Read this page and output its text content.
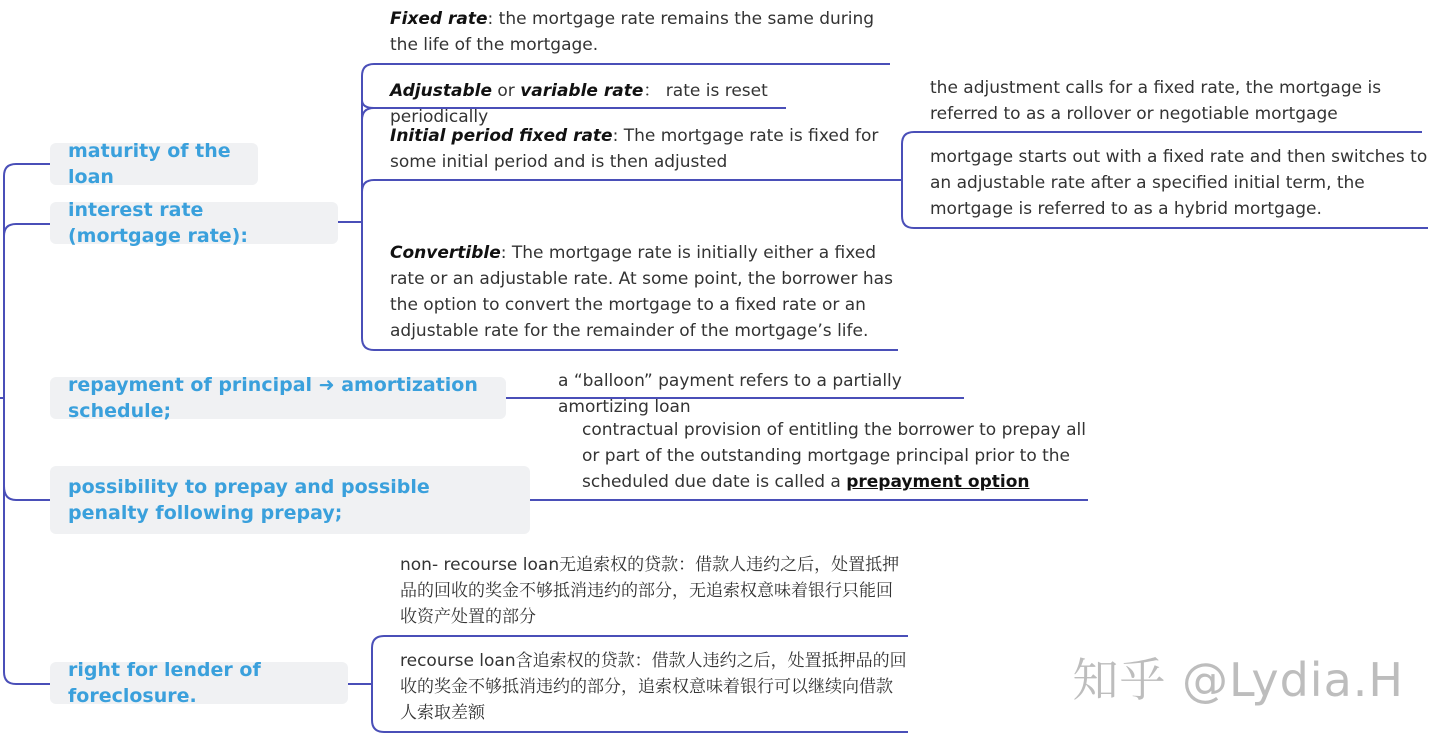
maturity of the loan
interest rate (mortgage rate):
repayment of principal ➜ amortization schedule;
possibility to prepay and possible penalty following prepay;
right for lender of foreclosure.
Fixed rate: the mortgage rate remains the same during the life of the mortgage.
Adjustable or variable rate： rate is reset periodically
Initial period fixed rate: The mortgage rate is fixed for some initial period and is then adjusted
Convertible: The mortgage rate is initially either a fixed rate or an adjustable rate. At some point, the borrower has the option to convert the mortgage to a fixed rate or an adjustable rate for the remainder of the mortgage’s life.
the adjustment calls for a fixed rate, the mortgage is referred to as a rollover or negotiable mortgage
mortgage starts out with a fixed rate and then switches to an adjustable rate after a specified initial term, the mortgage is referred to as a hybrid mortgage.
a “balloon” payment refers to a partially amortizing loan
contractual provision of entitling the borrower to prepay all or part of the outstanding mortgage principal prior to the scheduled due date is called a prepayment option
non- recourse loan无追索权的贷款：借款人违约之后，处置抵押品的回收的奖金不够抵消违约的部分，无追索权意味着银行只能回收资产处置的部分
recourse loan含追索权的贷款：借款人违约之后，处置抵押品的回收的奖金不够抵消违约的部分，追索权意味着银行可以继续向借款人索取差额
知乎 @Lydia.H
